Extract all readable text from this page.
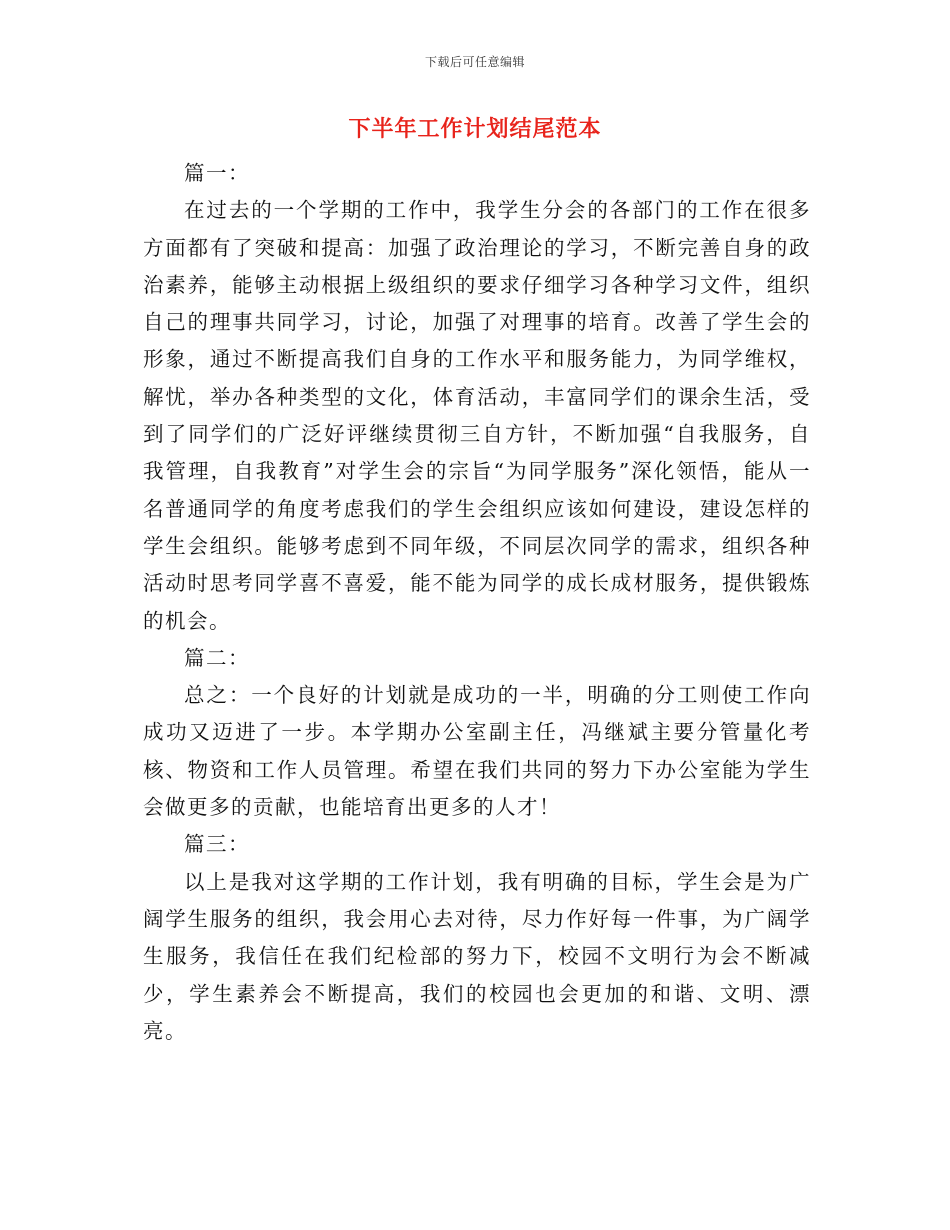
下载后可任意编辑
下半年工作计划结尾范本

篇一：

在过去的一个学期的工作中，我学生分会的各部门的工作在很多方面都有了突破和提高：加强了政治理论的学习，不断完善自身的政治素养，能够主动根据上级组织的要求仔细学习各种学习文件，组织自己的理事共同学习，讨论，加强了对理事的培育。改善了学生会的形象，通过不断提高我们自身的工作水平和服务能力，为同学维权，解忧，举办各种类型的文化，体育活动，丰富同学们的课余生活，受到了同学们的广泛好评继续贯彻三自方针，不断加强“自我服务，自我管理，自我教育”对学生会的宗旨“为同学服务”深化领悟，能从一名普通同学的角度考虑我们的学生会组织应该如何建设，建设怎样的学生会组织。能够考虑到不同年级，不同层次同学的需求，组织各种活动时思考同学喜不喜爱，能不能为同学的成长成材服务，提供锻炼的机会。

篇二：

总之：一个良好的计划就是成功的一半，明确的分工则使工作向成功又迈进了一步。本学期办公室副主任，冯继斌主要分管量化考核、物资和工作人员管理。希望在我们共同的努力下办公室能为学生会做更多的贡献，也能培育出更多的人才！

篇三：

以上是我对这学期的工作计划，我有明确的目标，学生会是为广阔学生服务的组织，我会用心去对待，尽力作好每一件事，为广阔学生服务，我信任在我们纪检部的努力下，校园不文明行为会不断减少，学生素养会不断提高，我们的校园也会更加的和谐、文明、漂亮。
